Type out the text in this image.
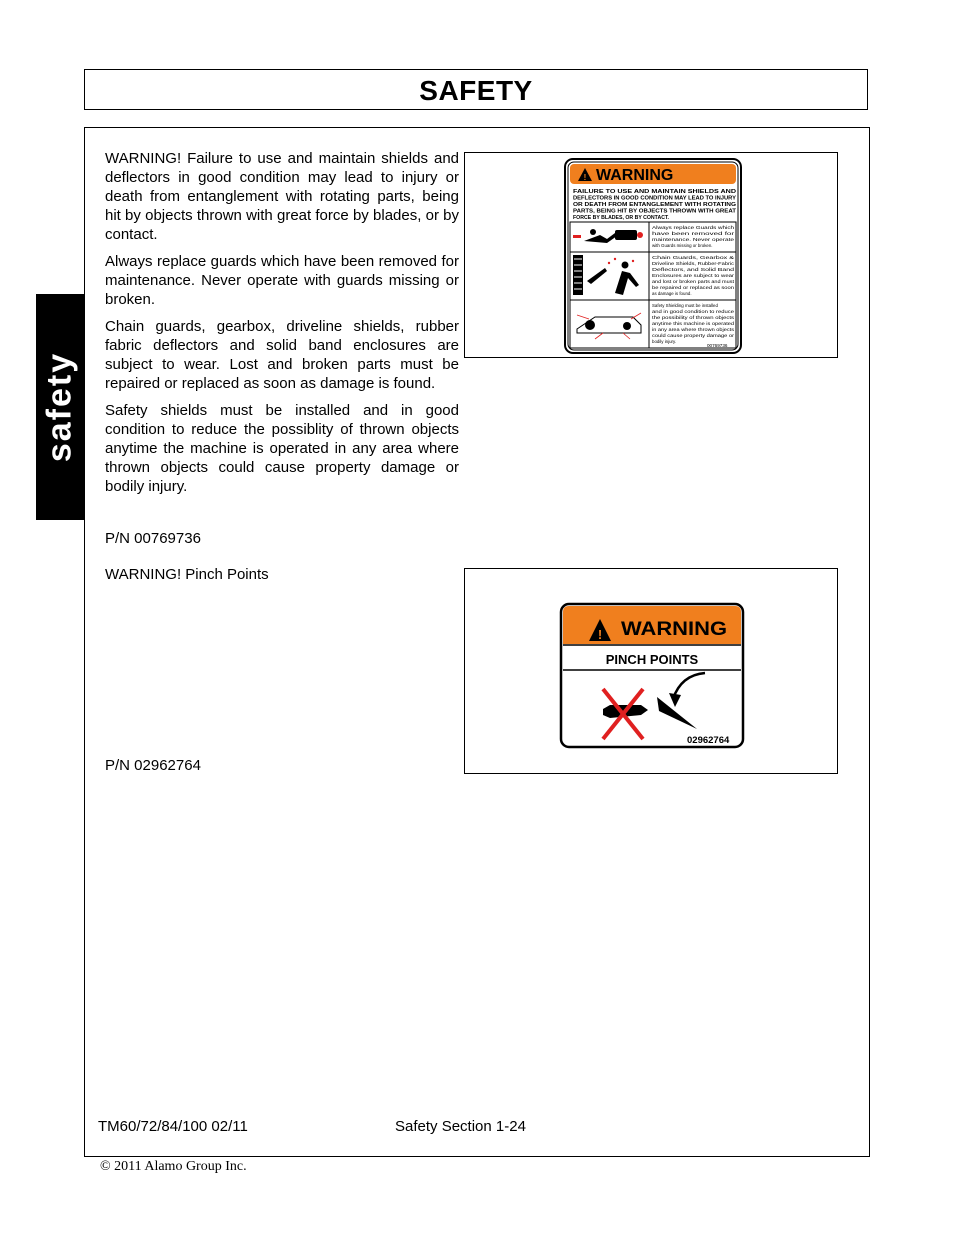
SAFETY
safety

WARNING! Failure to use and maintain shields and deflectors in good condition may lead to injury or death from entanglement with rotating parts, being hit by objects thrown with great force by blades, or by contact.

Always replace guards which have been removed for maintenance. Never operate with guards missing or broken.

Chain guards, gearbox, driveline shields, rubber fabric deflectors and solid band enclosures are subject to wear. Lost and broken parts must be repaired or replaced as soon as damage is found.

Safety shields must be installed and in good condition to reduce the possiblity of thrown objects anytime the machine is operated in any area where thrown objects could cause property damage or bodily injury.

P/N 00769736

WARNING! Pinch Points

P/N 02962764

! WARNING
FAILURE TO USE AND MAINTAIN SHIELDS AND
DEFLECTORS IN GOOD CONDITION MAY LEAD TO INJURY
OR DEATH FROM ENTANGLEMENT WITH ROTATING
PARTS, BEING HIT BY OBJECTS THROWN WITH GREAT
FORCE BY BLADES, OR BY CONTACT.
Always replace Guards which
have been removed for
maintenance. Never operate
with Guards missing or broken.
Chain Guards, Gearbox &
Driveline Shields, Rubber-Fabric
Deflectors, and Solid Band
Enclosures are subject to wear
and lost or broken parts and must
be repaired or replaced as soon
as damage is found.
Safety Shielding must be installed
and in good condition to reduce
the possibility of thrown objects
anytime this machine is operated
in any area where thrown objects
could cause property damage or
bodily injury.
00769736
! WARNING
PINCH POINTS
02962764
TM60/72/84/100 02/11	Safety Section 1-24
© 2011 Alamo Group Inc.
